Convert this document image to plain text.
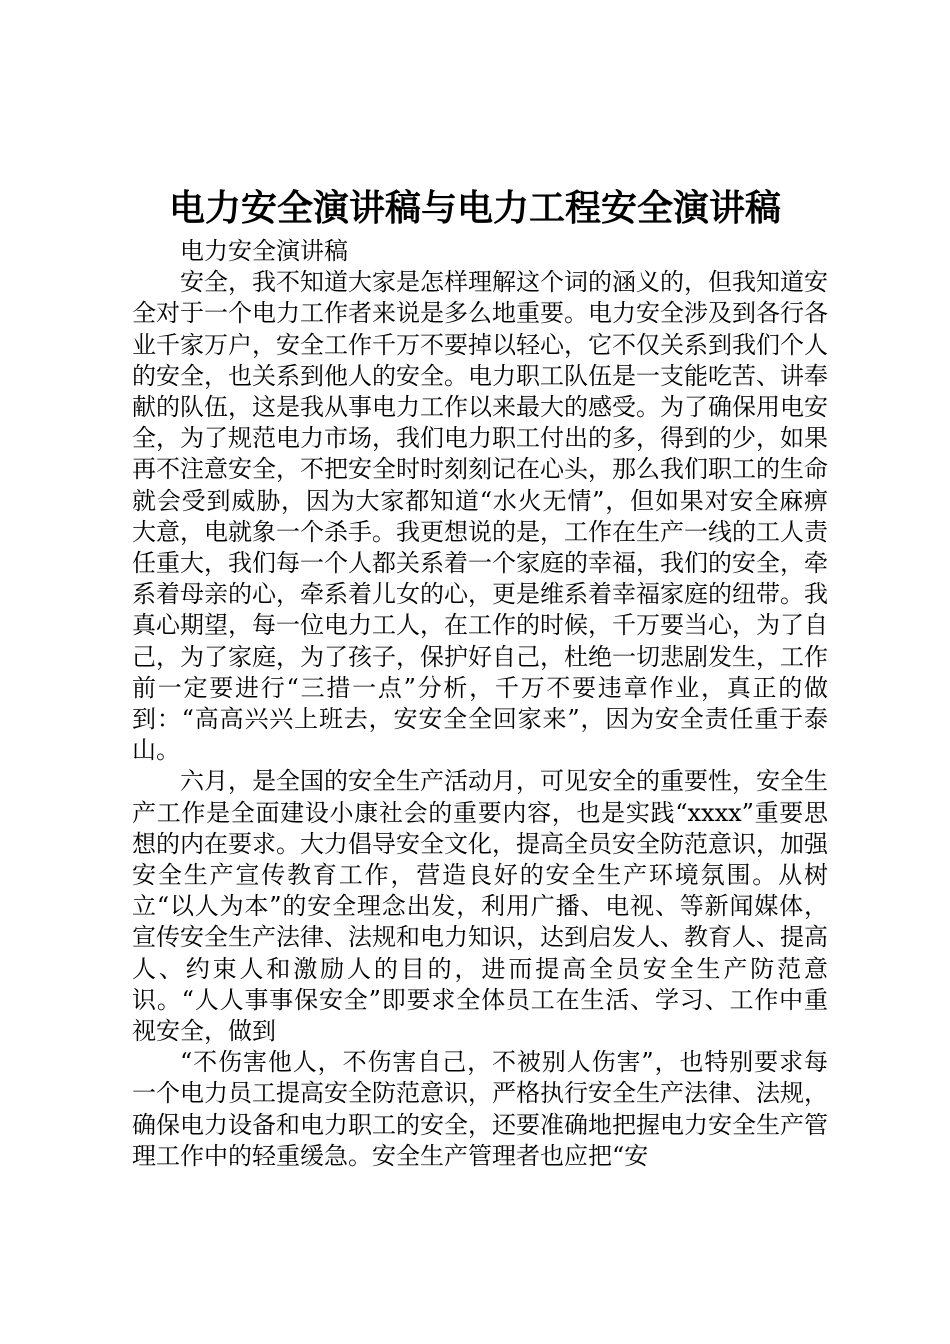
电力安全演讲稿与电力工程安全演讲稿

电力安全演讲稿

安全，我不知道大家是怎样理解这个词的涵义的，但我知道安全对于一个电力工作者来说是多么地重要。电力安全涉及到各行各业千家万户，安全工作千万不要掉以轻心，它不仅关系到我们个人的安全，也关系到他人的安全。电力职工队伍是一支能吃苦、讲奉献的队伍，这是我从事电力工作以来最大的感受。为了确保用电安全，为了规范电力市场，我们电力职工付出的多，得到的少，如果再不注意安全，不把安全时时刻刻记在心头，那么我们职工的生命就会受到威胁，因为大家都知道“水火无情”，但如果对安全麻痹大意，电就象一个杀手。我更想说的是，工作在生产一线的工人责任重大，我们每一个人都关系着一个家庭的幸福，我们的安全，牵系着母亲的心，牵系着儿女的心，更是维系着幸福家庭的纽带。我真心期望，每一位电力工人，在工作的时候，千万要当心，为了自己，为了家庭，为了孩子，保护好自己，杜绝一切悲剧发生，工作前一定要进行“三措一点”分析，千万不要违章作业，真正的做到：“高高兴兴上班去，安安全全回家来”，因为安全责任重于泰山。

六月，是全国的安全生产活动月，可见安全的重要性，安全生产工作是全面建设小康社会的重要内容，也是实践“xxxx”重要思想的内在要求。大力倡导安全文化，提高全员安全防范意识，加强安全生产宣传教育工作，营造良好的安全生产环境氛围。从树立“以人为本”的安全理念出发，利用广播、电视、等新闻媒体，宣传安全生产法律、法规和电力知识，达到启发人、教育人、提高人、约束人和激励人的目的，进而提高全员安全生产防范意识。“人人事事保安全”即要求全体员工在生活、学习、工作中重视安全，做到

“不伤害他人，不伤害自己，不被别人伤害”，也特别要求每一个电力员工提高安全防范意识，严格执行安全生产法律、法规，确保电力设备和电力职工的安全，还要准确地把握电力安全生产管理工作中的轻重缓急。安全生产管理者也应把“安
